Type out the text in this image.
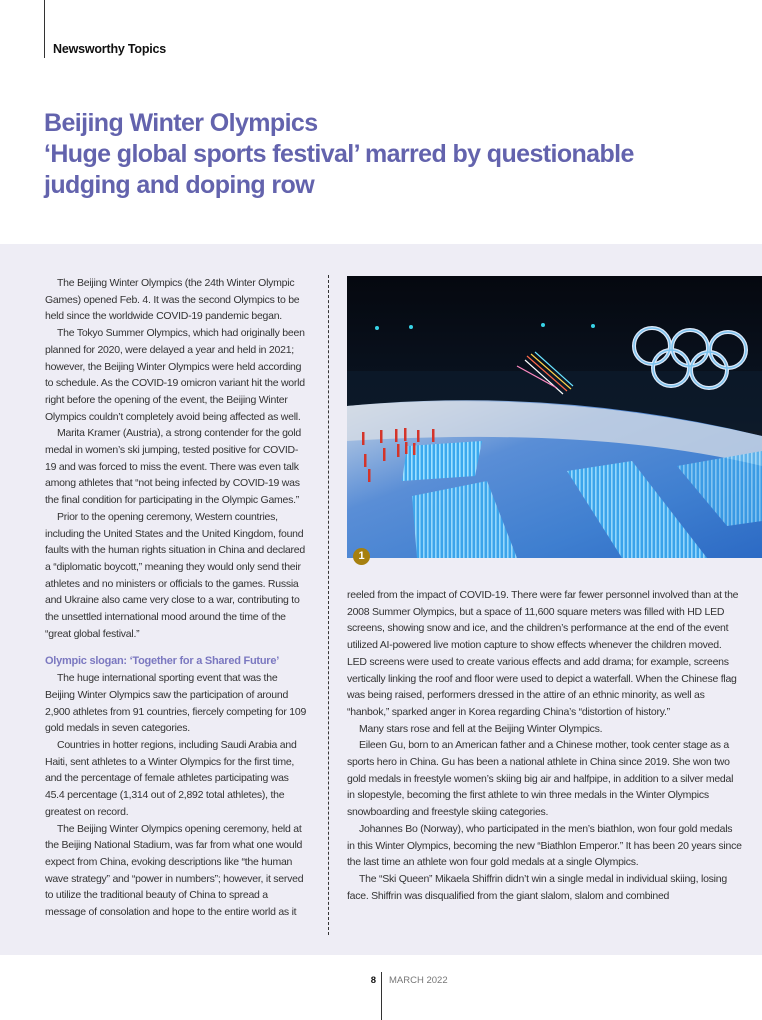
Newsworthy Topics
Beijing Winter Olympics
‘Huge global sports festival’ marred by questionable
judging and doping row

The Beijing Winter Olympics (the 24th Winter Olympic Games) opened Feb. 4. It was the second Olympics to be held since the worldwide COVID-19 pandemic began.

The Tokyo Summer Olympics, which had originally been planned for 2020, were delayed a year and held in 2021; however, the Beijing Winter Olympics were held according to schedule. As the COVID-19 omicron variant hit the world right before the opening of the event, the Beijing Winter Olympics couldn’t completely avoid being affected as well.

Marita Kramer (Austria), a strong contender for the gold medal in women’s ski jumping, tested positive for COVID-19 and was forced to miss the event. There was even talk among athletes that “not being infected by COVID-19 was the final condition for participating in the Olympic Games.”

Prior to the opening ceremony, Western countries, including the United States and the United Kingdom, found faults with the human rights situation in China and declared a “diplomatic boycott,” meaning they would only send their athletes and no ministers or officials to the games. Russia and Ukraine also came very close to a war, contributing to the unsettled international mood around the time of the “great global festival.”

Olympic slogan: ‘Together for a Shared Future’

The huge international sporting event that was the Beijing Winter Olympics saw the participation of around 2,900 athletes from 91 countries, fiercely competing for 109 gold medals in seven categories.

Countries in hotter regions, including Saudi Arabia and Haiti, sent athletes to a Winter Olympics for the first time, and the percentage of female athletes participating was 45.4 percentage (1,314 out of 2,892 total athletes), the greatest on record.

The Beijing Winter Olympics opening ceremony, held at the Beijing National Stadium, was far from what one would expect from China, evoking descriptions like “the human wave strategy” and “power in numbers”; however, it served to utilize the traditional beauty of China to spread a message of consolation and hope to the entire world as it

1

reeled from the impact of COVID-19. There were far fewer personnel involved than at the 2008 Summer Olympics, but a space of 11,600 square meters was filled with HD LED screens, showing snow and ice, and the children’s performance at the end of the event utilized AI-powered live motion capture to show effects whenever the children moved. LED screens were used to create various effects and add drama; for example, screens vertically linking the roof and floor were used to depict a waterfall. When the Chinese flag was being raised, performers dressed in the attire of an ethnic minority, as well as “hanbok,” sparked anger in Korea regarding China’s “distortion of history.”

Many stars rose and fell at the Beijing Winter Olympics.

Eileen Gu, born to an American father and a Chinese mother, took center stage as a sports hero in China. Gu has been a national athlete in China since 2019. She won two gold medals in freestyle women’s skiing big air and halfpipe, in addition to a silver medal in slopestyle, becoming the first athlete to win three medals in the Winter Olympics snowboarding and freestyle skiing categories.

Johannes Bo (Norway), who participated in the men’s biathlon, won four gold medals in this Winter Olympics, becoming the new “Biathlon Emperor.” It has been 20 years since the last time an athlete won four gold medals at a single Olympics.

The “Ski Queen” Mikaela Shiffrin didn’t win a single medal in individual skiing, losing face. Shiffrin was disqualified from the giant slalom, slalom and combined

8 MARCH 2022
